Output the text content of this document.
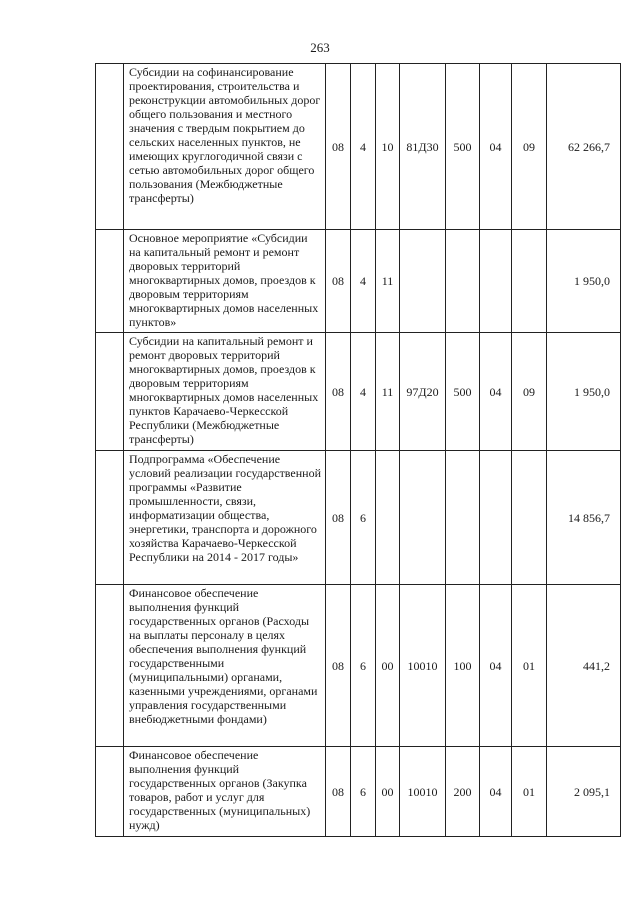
263
	Субсидии на софинансирование проектирования, строительства и реконструкции автомобильных дорог общего пользования и местного значения с твердым покрытием до сельских населенных пунктов, не имеющих круглогодичной связи с сетью автомобильных дорог общего пользования (Межбюджетные трансферты)	08	4	10	81Д30	500	04	09	62 266,7
	Основное мероприятие «Субсидии на капитальный ремонт и ремонт дворовых территорий многоквартирных домов, проездов к дворовым территориям многоквартирных домов населенных пунктов»	08	4	11					1 950,0
	Субсидии на капитальный ремонт и ремонт дворовых территорий многоквартирных домов, проездов к дворовым территориям многоквартирных домов населенных пунктов Карачаево-Черкесской Республики (Межбюджетные трансферты)	08	4	11	97Д20	500	04	09	1 950,0
	Подпрограмма «Обеспечение условий реализации государственной программы «Развитие промышленности, связи, информатизации общества, энергетики, транспорта и дорожного хозяйства Карачаево-Черкесской Республики на 2014 - 2017 годы»	08	6						14 856,7
	Финансовое обеспечение выполнения функций государственных органов (Расходы на выплаты персоналу в целях обеспечения выполнения функций государственными (муниципальными) органами, казенными учреждениями, органами управления государственными внебюджетными фондами)	08	6	00	10010	100	04	01	441,2
	Финансовое обеспечение выполнения функций государственных органов (Закупка товаров, работ и услуг для государственных (муниципальных) нужд)	08	6	00	10010	200	04	01	2 095,1
